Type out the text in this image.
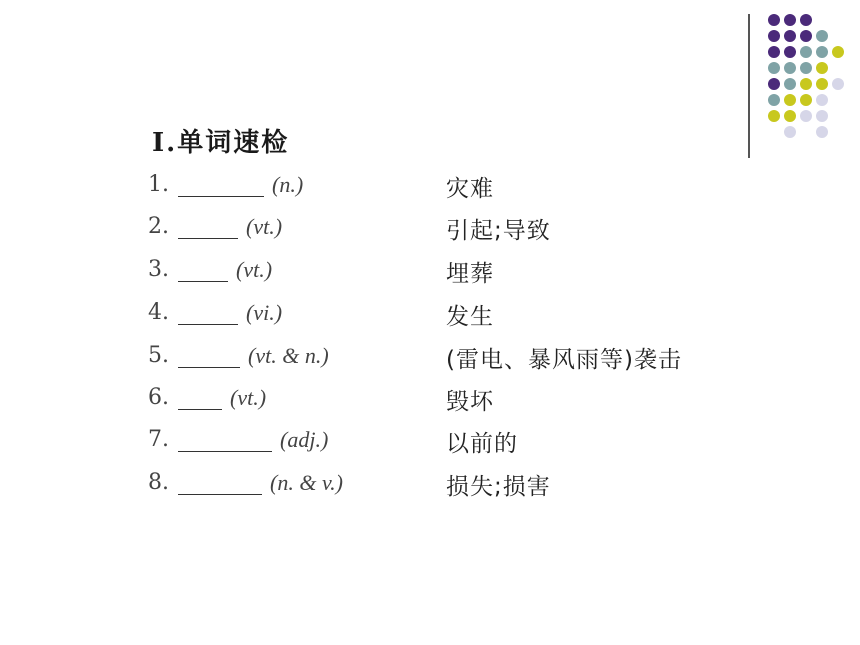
Ⅰ.单词速检
1.	(n.)	灾难
2.	(vt.)	引起;导致
3.	(vt.)	埋葬
4.	(vi.)	发生
5.	(vt. & n.)	(雷电、暴风雨等)袭击
6.	(vt.)	毁坏
7.	(adj.)	以前的
8.	(n. & v.)	损失;损害
